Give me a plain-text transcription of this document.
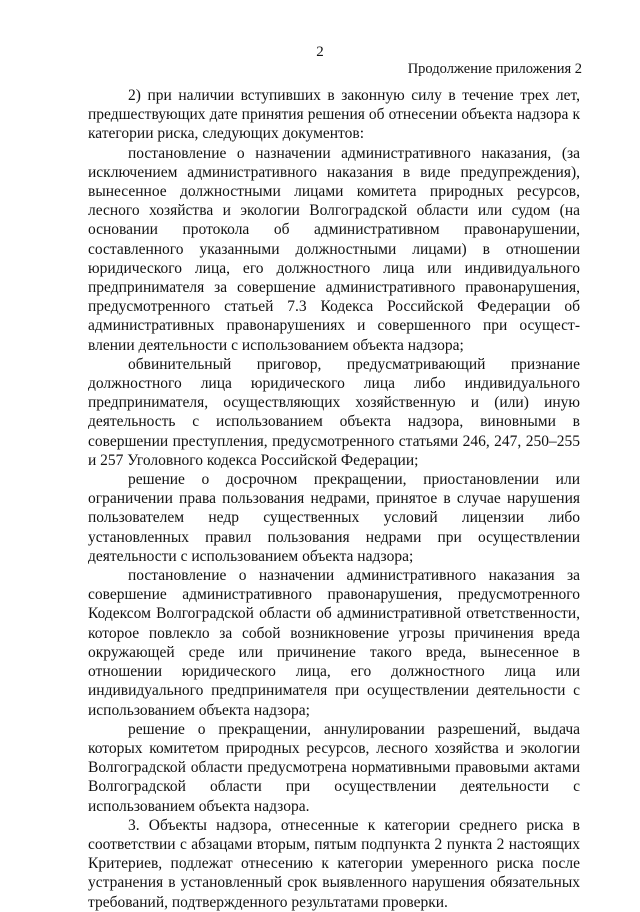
2
Продолжение приложения 2

2) при наличии вступивших в законную силу в течение трех лет, предшествующих дате принятия решения об отнесении объекта надзора к категории риска, следующих документов:

постановление о назначении административного наказания, (за исключением административного наказания в виде предупреждения), вынесенное должностными лицами комитета природных ресурсов, лесного хозяйства и экологии Волгоградской области или судом (на основании протокола об административном правонарушении, составленного указанными должностными лицами) в отношении юридического лица, его должностного лица или индивидуального предпринимателя за совершение административного правонарушения, предусмотренного статьей 7.3 Кодекса Российской Федерации об административных правонарушениях и совершенного при осуществлении деятельности с использованием объекта надзора;

обвинительный приговор, предусматривающий признание должностного лица юридического лица либо индивидуального предпринимателя, осуществляющих хозяйственную и (или) иную деятельность с использованием объекта надзора, виновными в совершении преступления, предусмотренного статьями 246, 247, 250–255 и 257 Уголовного кодекса Российской Федерации;

решение о досрочном прекращении, приостановлении или ограничении права пользования недрами, принятое в случае нарушения пользователем недр существенных условий лицензии либо установленных правил пользования недрами при осуществлении деятельности с использованием объекта надзора;

постановление о назначении административного наказания за совершение административного правонарушения, предусмотренного Кодексом Волгоградской области об административной ответственности, которое повлекло за собой возникновение угрозы причинения вреда окружающей среде или причинение такого вреда, вынесенное в отношении юридического лица, его должностного лица или индивидуального предпринимателя при осуществлении деятельности с использованием объекта надзора;

решение о прекращении, аннулировании разрешений, выдача которых комитетом природных ресурсов, лесного хозяйства и экологии Волгоградской области предусмотрена нормативными правовыми актами Волгоградской области при осуществлении деятельности с использованием объекта надзора.

3. Объекты надзора, отнесенные к категории среднего риска в соответствии с абзацами вторым, пятым подпункта 2 пункта 2 настоящих Критериев, подлежат отнесению к категории умеренного риска после устранения в установленный срок выявленного нарушения обязательных требований, подтвержденного результатами проверки.
